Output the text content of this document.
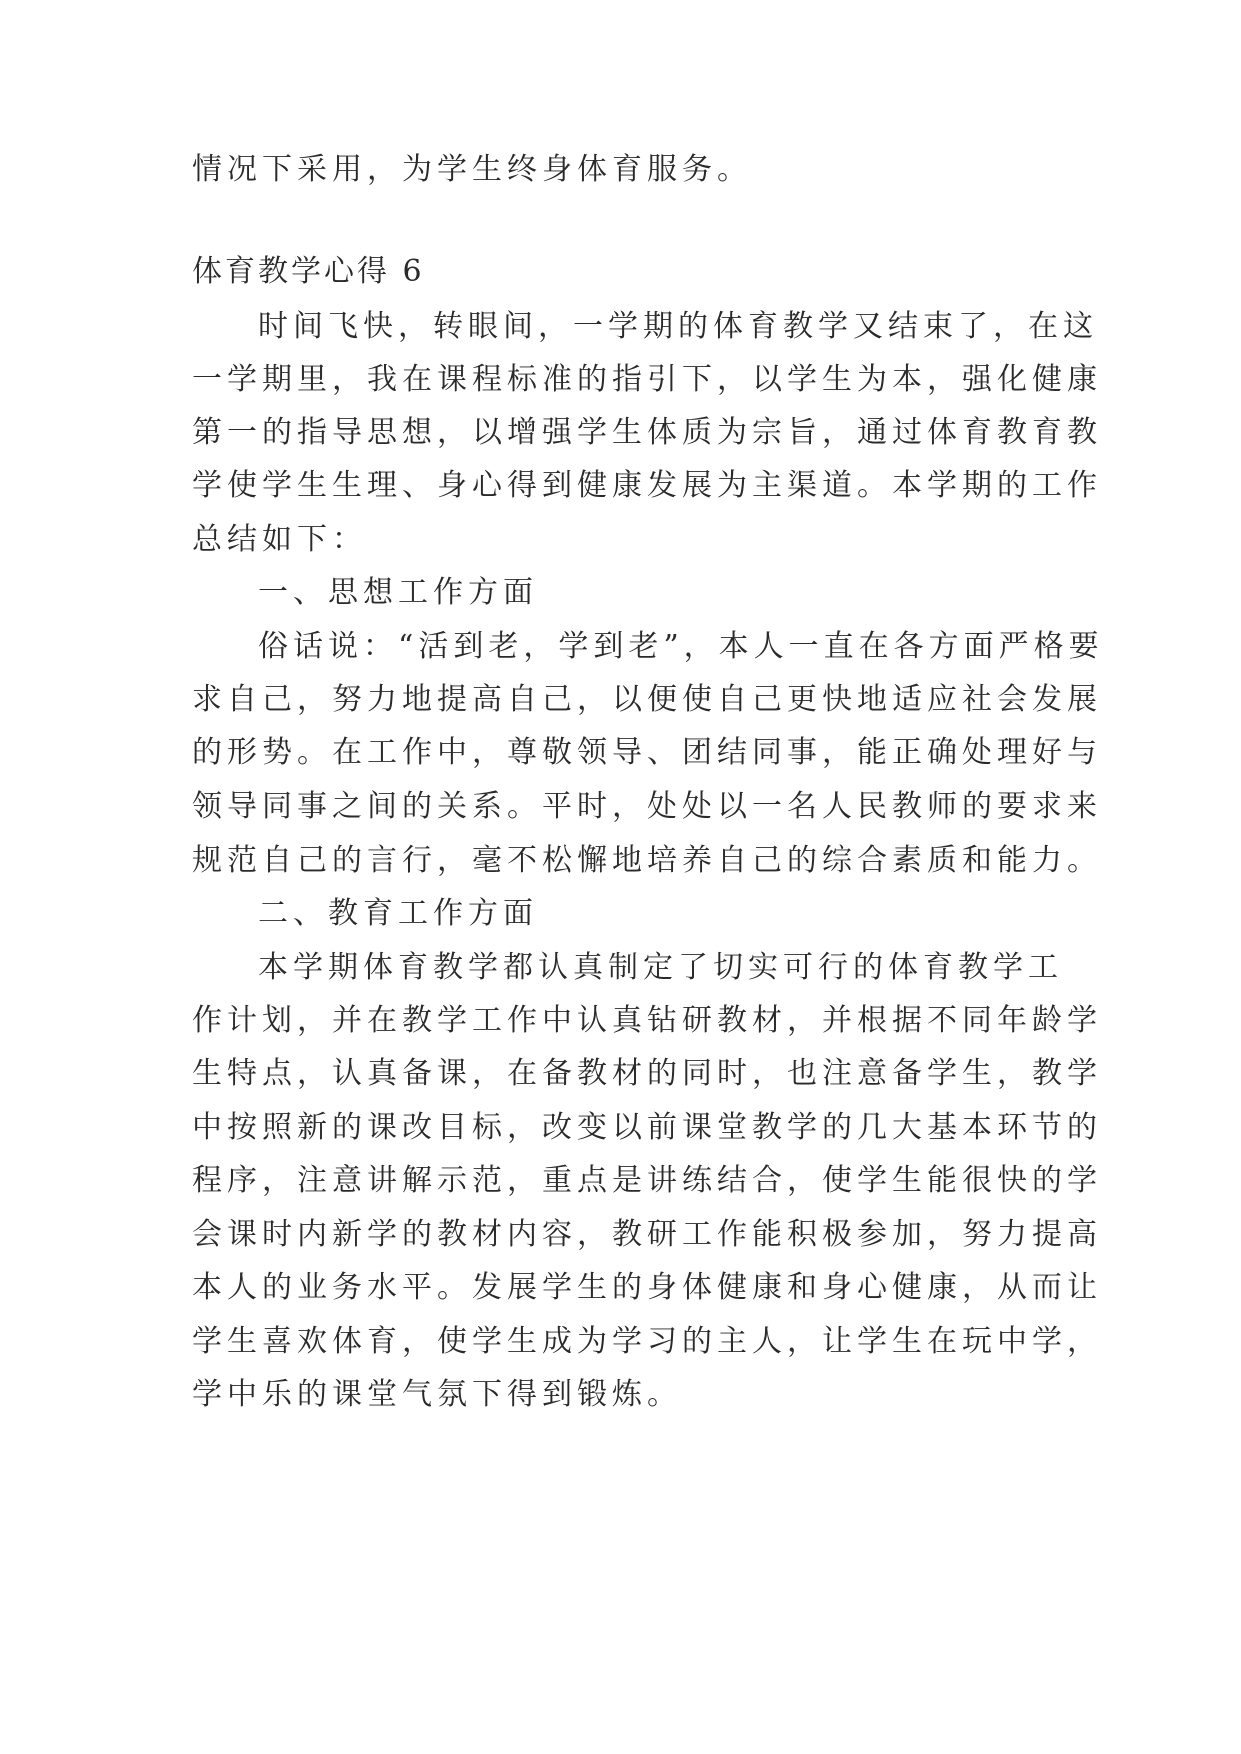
情况下采用，为学生终身体育服务。
体育教学心得 6
时间飞快，转眼间，一学期的体育教学又结束了，在这
一学期里，我在课程标准的指引下，以学生为本，强化健康
第一的指导思想，以增强学生体质为宗旨，通过体育教育教
学使学生生理、身心得到健康发展为主渠道。本学期的工作
总结如下：
一、思想工作方面
俗话说：“活到老，学到老”，本人一直在各方面严格要
求自己，努力地提高自己，以便使自己更快地适应社会发展
的形势。在工作中，尊敬领导、团结同事，能正确处理好与
领导同事之间的关系。平时，处处以一名人民教师的要求来
规范自己的言行，毫不松懈地培养自己的综合素质和能力。
二、教育工作方面
本学期体育教学都认真制定了切实可行的体育教学工
作计划，并在教学工作中认真钻研教材，并根据不同年龄学
生特点，认真备课，在备教材的同时，也注意备学生，教学
中按照新的课改目标，改变以前课堂教学的几大基本环节的
程序，注意讲解示范，重点是讲练结合，使学生能很快的学
会课时内新学的教材内容，教研工作能积极参加，努力提高
本人的业务水平。发展学生的身体健康和身心健康，从而让
学生喜欢体育，使学生成为学习的主人，让学生在玩中学，
学中乐的课堂气氛下得到锻炼。
